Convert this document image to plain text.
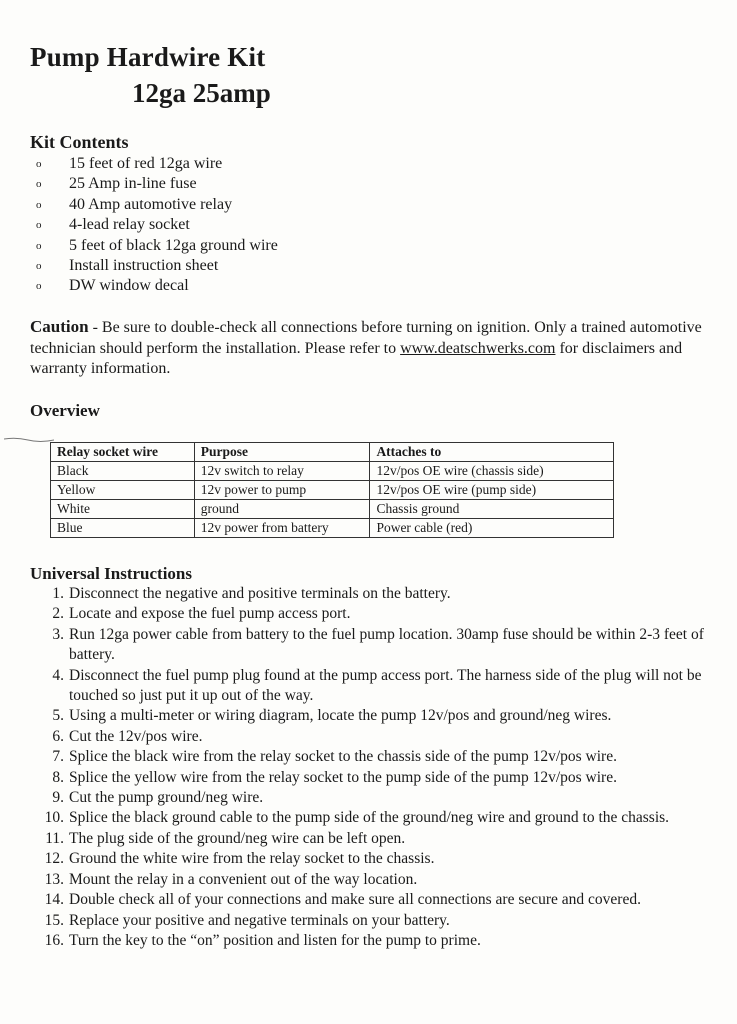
Pump Hardwire Kit
12ga 25amp
Kit Contents
o 15 feet of red 12ga wire
o 25 Amp in-line fuse
o 40 Amp automotive relay
o 4-lead relay socket
o 5 feet of black 12ga ground wire
o Install instruction sheet
o DW window decal
Caution - Be sure to double-check all connections before turning on ignition. Only a trained automotive technician should perform the installation. Please refer to www.deatschwerks.com for disclaimers and warranty information.
Overview
Relay socket wire	Purpose	Attaches to
Black	12v switch to relay	12v/pos OE wire (chassis side)
Yellow	12v power to pump	12v/pos OE wire (pump side)
White	ground	Chassis ground
Blue	12v power from battery	Power cable (red)
Universal Instructions
1. Disconnect the negative and positive terminals on the battery.
2. Locate and expose the fuel pump access port.
3. Run 12ga power cable from battery to the fuel pump location. 30amp fuse should be within 2-3 feet of battery.
4. Disconnect the fuel pump plug found at the pump access port. The harness side of the plug will not be touched so just put it up out of the way.
5. Using a multi-meter or wiring diagram, locate the pump 12v/pos and ground/neg wires.
6. Cut the 12v/pos wire.
7. Splice the black wire from the relay socket to the chassis side of the pump 12v/pos wire.
8. Splice the yellow wire from the relay socket to the pump side of the pump 12v/pos wire.
9. Cut the pump ground/neg wire.
10. Splice the black ground cable to the pump side of the ground/neg wire and ground to the chassis.
11. The plug side of the ground/neg wire can be left open.
12. Ground the white wire from the relay socket to the chassis.
13. Mount the relay in a convenient out of the way location.
14. Double check all of your connections and make sure all connections are secure and covered.
15. Replace your positive and negative terminals on your battery.
16. Turn the key to the “on” position and listen for the pump to prime.
